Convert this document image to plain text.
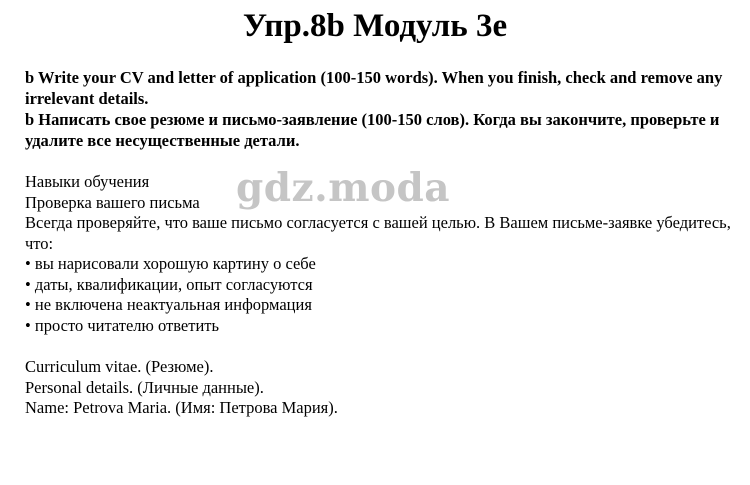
Упр.8b Модуль 3e

b Write your CV and letter of application (100-150 words). When you finish, check and remove any irrelevant details.

b Написать свое резюме и письмо-заявление (100-150 слов). Когда вы закончите, проверьте и удалите все несущественные детали.

gdz.moda

Навыки обучения

Проверка вашего письма

Всегда проверяйте, что ваше письмо согласуется с вашей целью. В Вашем письме-заявке убедитесь, что:

• вы нарисовали хорошую картину о себе

• даты, квалификации, опыт согласуются

• не включена неактуальная информация

• просто читателю ответить

Curriculum vitae. (Резюме).

Personal details. (Личные данные).

Name: Petrova Maria. (Имя: Петрова Мария).
